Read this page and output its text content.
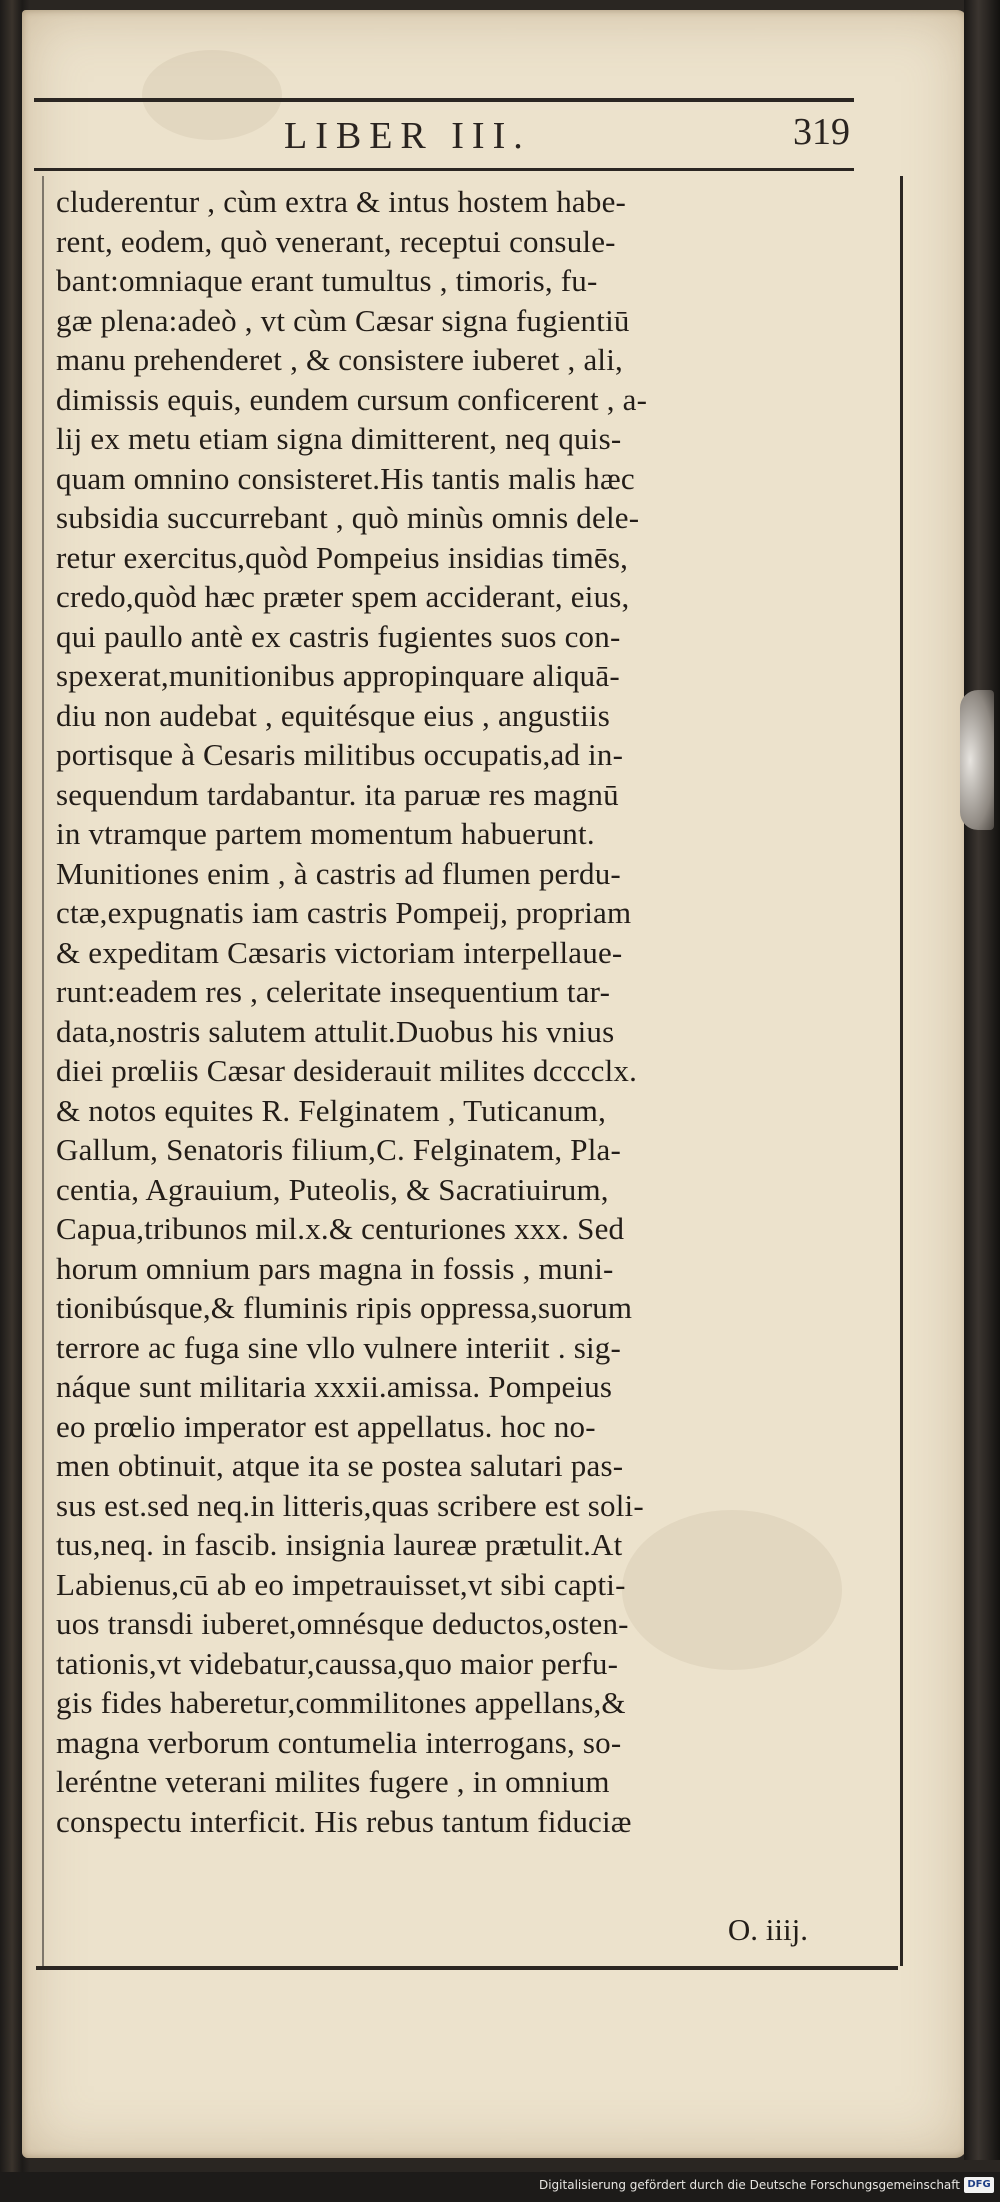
LIBER III.	319
cluderentur , cùm extra & intus hostem habe-
rent, eodem, quò venerant, receptui consule-
bant:omniaque erant tumultus , timoris, fu-
gæ plena:adeò , vt cùm Cæsar signa fugientiū
manu prehenderet , & consistere iuberet , ali,
dimissis equis, eundem cursum conficerent , a-
lij ex metu etiam signa dimitterent, neq quis-
quam omnino consisteret.His tantis malis hæc
subsidia succurrebant , quò minùs omnis dele-
retur exercitus,quòd Pompeius insidias timēs,
credo,quòd hæc præter spem acciderant, eius,
qui paullo antè ex castris fugientes suos con-
spexerat,munitionibus appropinquare aliquā-
diu non audebat , equitésque eius , angustiis
portisque à Cesaris militibus occupatis,ad in-
sequendum tardabantur. ita paruæ res magnū
in vtramque partem momentum habuerunt.
Munitiones enim , à castris ad flumen perdu-
ctæ,expugnatis iam castris Pompeij, propriam
& expeditam Cæsaris victoriam interpellaue-
runt:eadem res , celeritate insequentium tar-
data,nostris salutem attulit.Duobus his vnius
diei prœliis Cæsar desiderauit milites dcccclx.
& notos equites R. Felginatem , Tuticanum,
Gallum, Senatoris filium,C. Felginatem, Pla-
centia, Agrauium, Puteolis, & Sacratiuirum,
Capua,tribunos mil.x.& centuriones xxx. Sed
horum omnium pars magna in fossis , muni-
tionibúsque,& fluminis ripis oppressa,suorum
terrore ac fuga sine vllo vulnere interiit . sig-
náque sunt militaria xxxii.amissa. Pompeius
eo prœlio imperator est appellatus. hoc no-
men obtinuit, atque ita se postea salutari pas-
sus est.sed neq.in litteris,quas scribere est soli-
tus,neq. in fascib. insignia laureæ prætulit.At
Labienus,cū ab eo impetrauisset,vt sibi capti-
uos transdi iuberet,omnésque deductos,osten-
tationis,vt videbatur,caussa,quo maior perfu-
gis fides haberetur,commilitones appellans,&
magna verborum contumelia interrogans, so-
leréntne veterani milites fugere , in omnium
conspectu interficit. His rebus tantum fiduciæ
O. iiij.
Digitalisierung gefördert durch die Deutsche Forschungsgemeinschaft DFG
